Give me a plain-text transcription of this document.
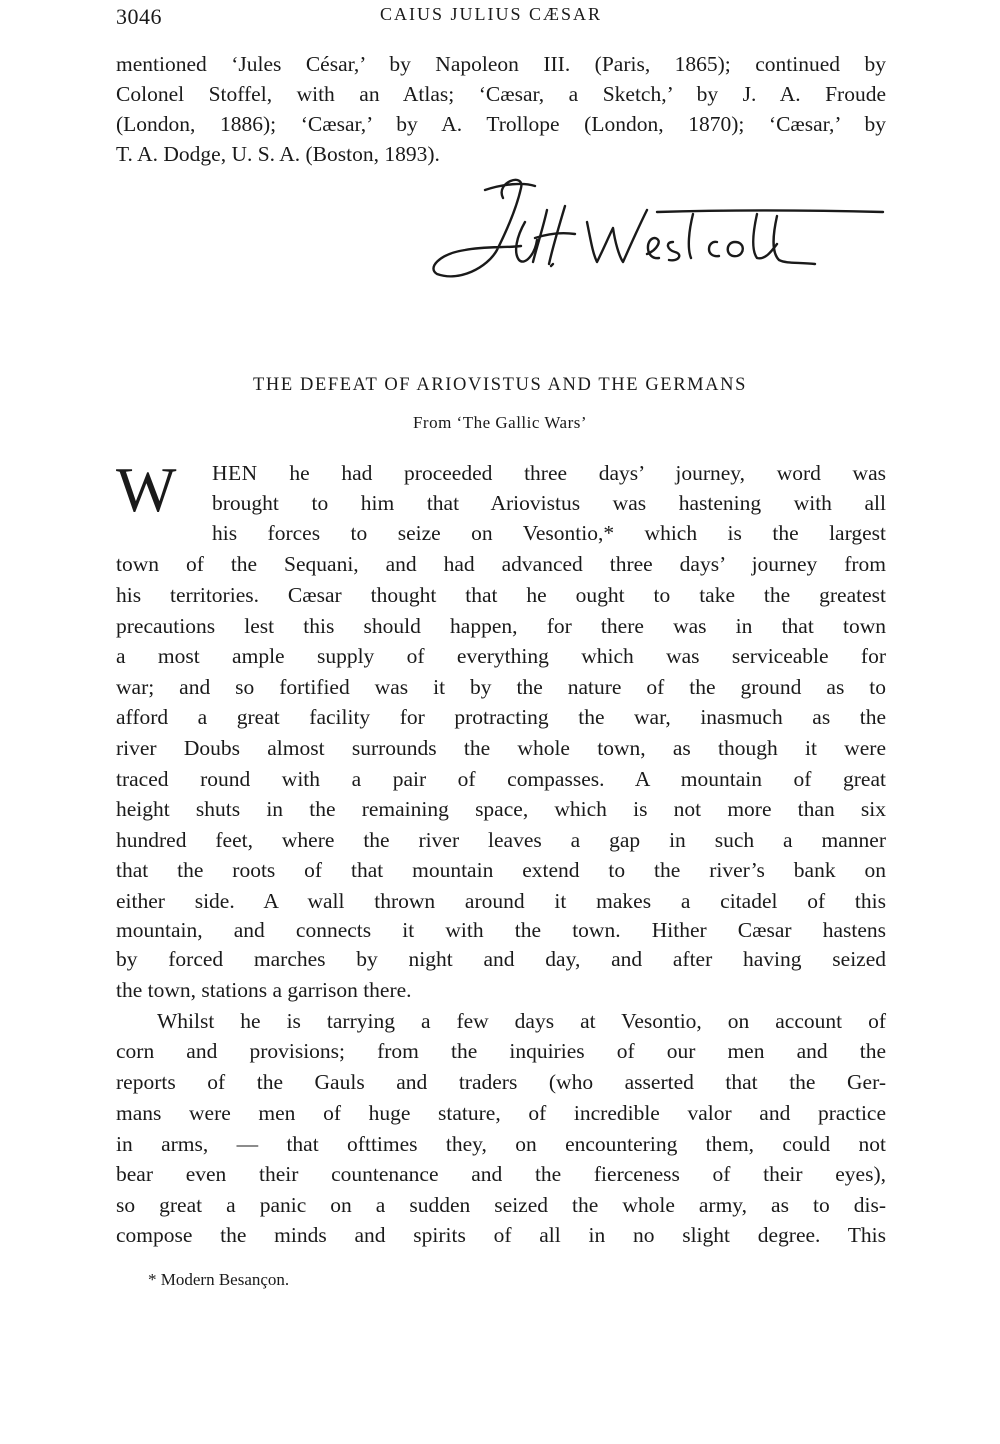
3046	CAIUS JULIUS CÆSAR
mentioned ‘Jules César,’ by Napoleon III. (Paris, 1865); continued by
Colonel Stoffel, with an Atlas; ‘Cæsar, a Sketch,’ by J. A. Froude
(London, 1886); ‘Cæsar,’ by A. Trollope (London, 1870); ‘Cæsar,’ by
T. A. Dodge, U. S. A. (Boston, 1893).
THE DEFEAT OF ARIOVISTUS AND THE GERMANS
From ‘The Gallic Wars’
W HEN he had proceeded three days’ journey, word was
brought to him that Ariovistus was hastening with all
his forces to seize on Vesontio,* which is the largest
town of the Sequani, and had advanced three days’ journey from
his territories. Cæsar thought that he ought to take the greatest
precautions lest this should happen, for there was in that town
a most ample supply of everything which was serviceable for
war; and so fortified was it by the nature of the ground as to
afford a great facility for protracting the war, inasmuch as the
river Doubs almost surrounds the whole town, as though it were
traced round with a pair of compasses. A mountain of great
height shuts in the remaining space, which is not more than six
hundred feet, where the river leaves a gap in such a manner
that the roots of that mountain extend to the river’s bank on
either side. A wall thrown around it makes a citadel of this
mountain, and connects it with the town. Hither Cæsar hastens
by forced marches by night and day, and after having seized
the town, stations a garrison there.
Whilst he is tarrying a few days at Vesontio, on account of
corn and provisions; from the inquiries of our men and the
reports of the Gauls and traders (who asserted that the Ger-
mans were men of huge stature, of incredible valor and practice
in arms, — that ofttimes they, on encountering them, could not
bear even their countenance and the fierceness of their eyes),
so great a panic on a sudden seized the whole army, as to dis-
compose the minds and spirits of all in no slight degree. This
* Modern Besançon.
